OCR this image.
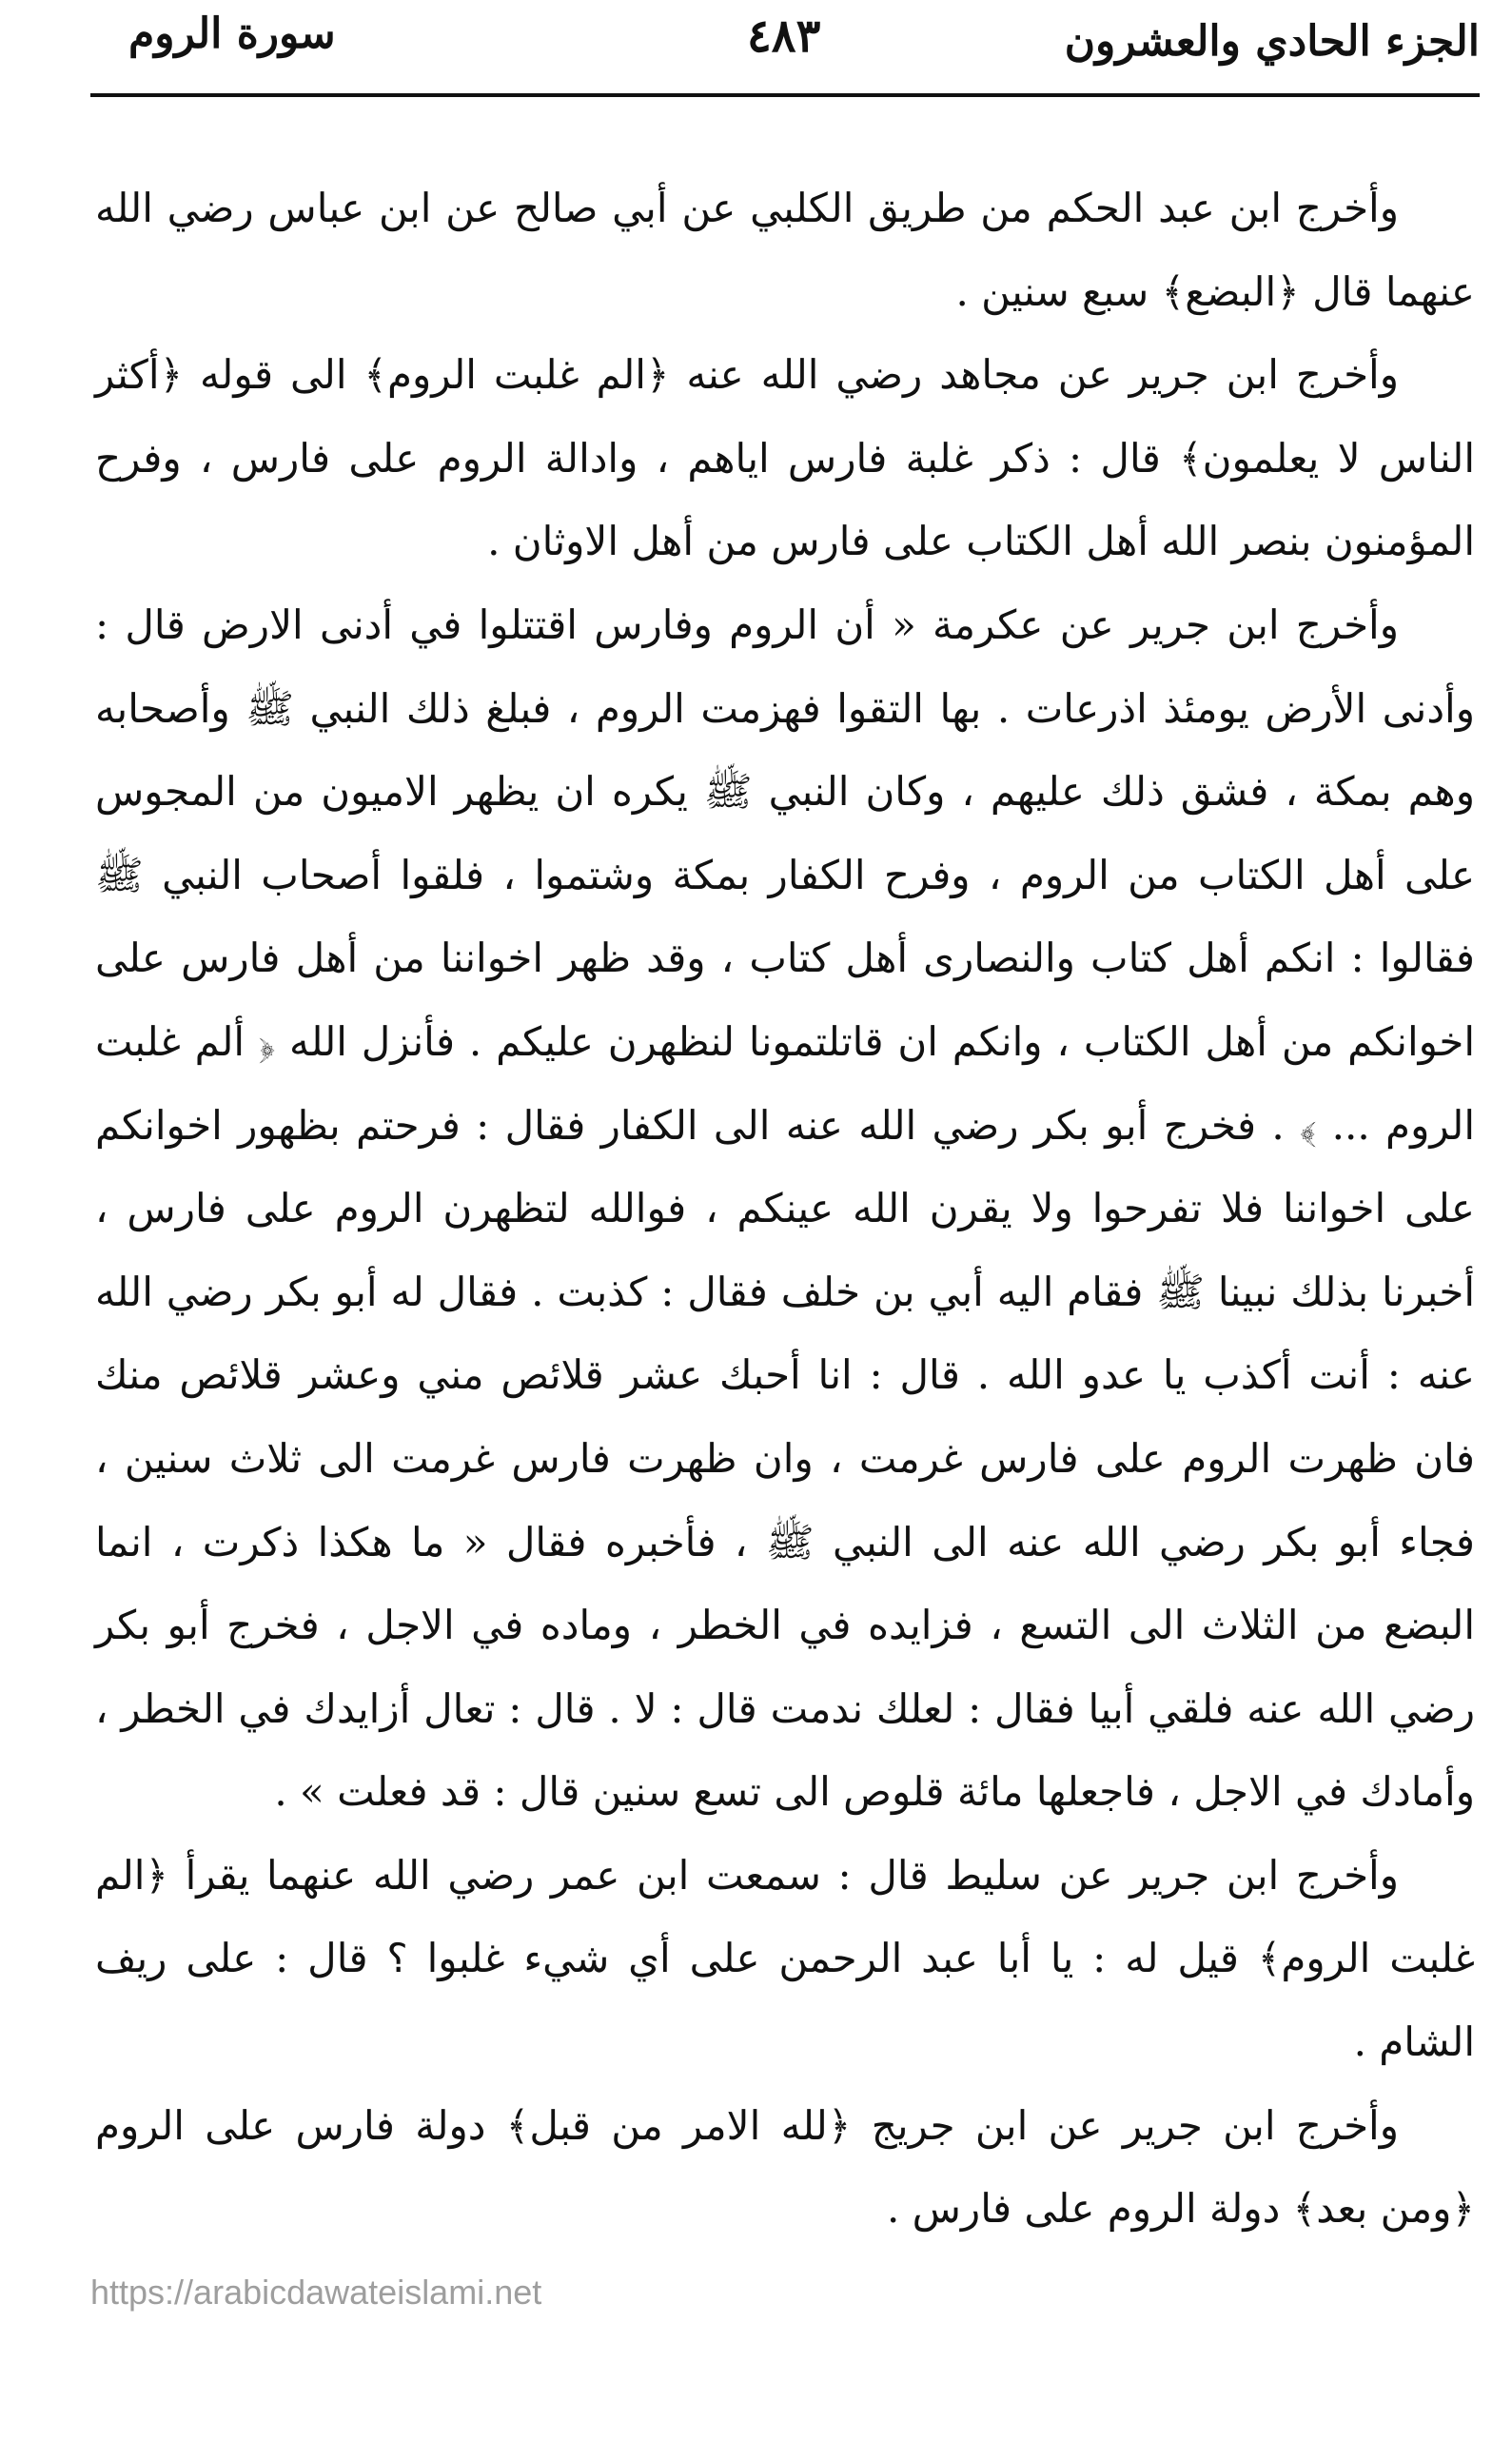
سورة الروم	٤٨٣	الجزء الحادي والعشرون

وأخرج ابن عبد الحكم من طريق الكلبي عن أبي صالح عن ابن عباس رضي الله عنهما قال ﴿البضع﴾ سبع سنين .

وأخرج ابن جرير عن مجاهد رضي الله عنه ﴿الم غلبت الروم﴾ الى قوله ﴿أكثر الناس لا يعلمون﴾ قال : ذكر غلبة فارس اياهم ، وادالة الروم على فارس ، وفرح المؤمنون بنصر الله أهل الكتاب على فارس من أهل الاوثان .

وأخرج ابن جرير عن عكرمة « أن الروم وفارس اقتتلوا في أدنى الارض قال : وأدنى الأرض يومئذ اذرعات . بها التقوا فهزمت الروم ، فبلغ ذلك النبي ﷺ وأصحابه وهم بمكة ، فشق ذلك عليهم ، وكان النبي ﷺ يكره ان يظهر الاميون من المجوس على أهل الكتاب من الروم ، وفرح الكفار بمكة وشتموا ، فلقوا أصحاب النبي ﷺ فقالوا : انكم أهل كتاب والنصارى أهل كتاب ، وقد ظهر اخواننا من أهل فارس على اخوانكم من أهل الكتاب ، وانكم ان قاتلتمونا لنظهرن عليكم . فأنزل الله ﴿ ألم غلبت الروم ... ﴾ . فخرج أبو بكر رضي الله عنه الى الكفار فقال : فرحتم بظهور اخوانكم على اخواننا فلا تفرحوا ولا يقرن الله عينكم ، فوالله لتظهرن الروم على فارس ، أخبرنا بذلك نبينا ﷺ فقام اليه أبي بن خلف فقال : كذبت . فقال له أبو بكر رضي الله عنه : أنت أكذب يا عدو الله . قال : انا أحبك عشر قلائص مني وعشر قلائص منك فان ظهرت الروم على فارس غرمت ، وان ظهرت فارس غرمت الى ثلاث سنين ، فجاء أبو بكر رضي الله عنه الى النبي ﷺ ، فأخبره فقال « ما هكذا ذكرت ، انما البضع من الثلاث الى التسع ، فزايده في الخطر ، وماده في الاجل ، فخرج أبو بكر رضي الله عنه فلقي أبيا فقال : لعلك ندمت قال : لا . قال : تعال أزايدك في الخطر ، وأمادك في الاجل ، فاجعلها مائة قلوص الى تسع سنين قال : قد فعلت » .

وأخرج ابن جرير عن سليط قال : سمعت ابن عمر رضي الله عنهما يقرأ ﴿الم غلبت الروم﴾ قيل له : يا أبا عبد الرحمن على أي شيء غلبوا ؟ قال : على ريف الشام .

وأخرج ابن جرير عن ابن جريج ﴿لله الامر من قبل﴾ دولة فارس على الروم ﴿ومن بعد﴾ دولة الروم على فارس .

https://arabicdawateislami.net
